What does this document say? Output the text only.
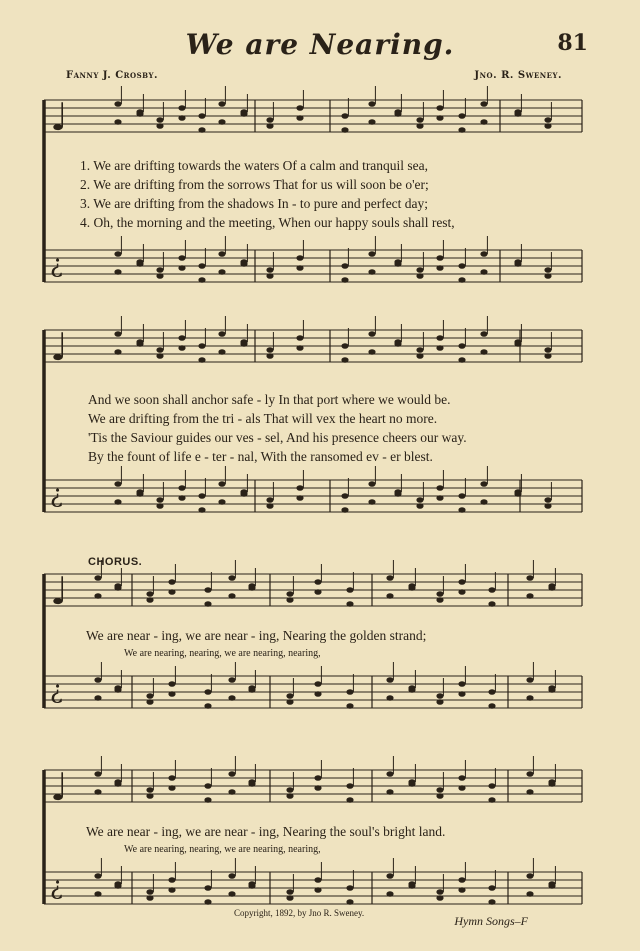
We are Nearing.	81
Fanny J. Crosby.	Jno. R. Sweney.
♩
¿
♩
¿
♩
¿
♩
¿
1. We are drifting towards the waters Of a calm and tranquil sea,
2. We are drifting from the sorrows That for us will soon be o'er;
3. We are drifting from the shadows In - to pure and perfect day;
4. Oh, the morning and the meeting, When our happy souls shall rest,
And we soon shall anchor safe - ly In that port where we would be.
We are drifting from the tri - als That will vex the heart no more.
'Tis the Saviour guides our ves - sel, And his presence cheers our way.
By the fount of life e - ter - nal, With the ransomed ev - er blest.
CHORUS.
We are near - ing, we are near - ing, Nearing the golden strand;
We are nearing, nearing, we are nearing, nearing,
We are near - ing, we are near - ing, Nearing the soul's bright land.
We are nearing, nearing, we are nearing, nearing,
Copyright, 1892, by Jno R. Sweney.
Hymn Songs–F
